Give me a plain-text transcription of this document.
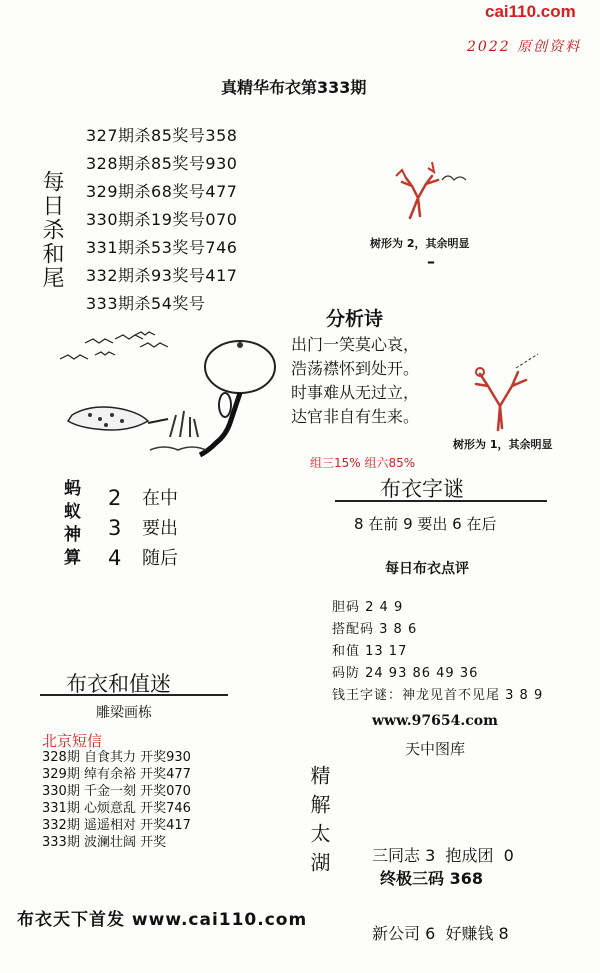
cai110.com
2022 原创资料
真精华布衣第333期
每日杀和尾
327期杀85奖号358
328期杀85奖号930
329期杀68奖号477
330期杀19奖号070
331期杀53奖号746
332期杀93奖号417
333期杀54奖号
树形为 2，其余明显
–
分析诗
出门一笑莫心哀，
浩荡襟怀到处开。
时事难从无过立，
达官非自有生来。
树形为 1，其余明显
组三15% 组六85%
蚂
蚁
神
算
2
3
4
在中
要出
随后
布衣字谜
8 在前 9 要出 6 在后
每日布衣点评
胆码 2 4 9
搭配码 3 8 6
和值 13 17
码防 24 93 86 49 36
钱王字谜：神龙见首不见尾 3 8 9
布衣和值迷
雕梁画栋
北京短信
328期 自食其力 开奖930
329期 绰有余裕 开奖477
330期 千金一刻 开奖070
331期 心烦意乱 开奖746
332期 遥遥相对 开奖417
333期 波澜壮阔 开奖
www.97654.com
天中图库
精解太湖

	三同志 3  抱成团  0

新公司 6  好赚钱 8

终极三码 368
布衣天下首发 www.cai110.com
